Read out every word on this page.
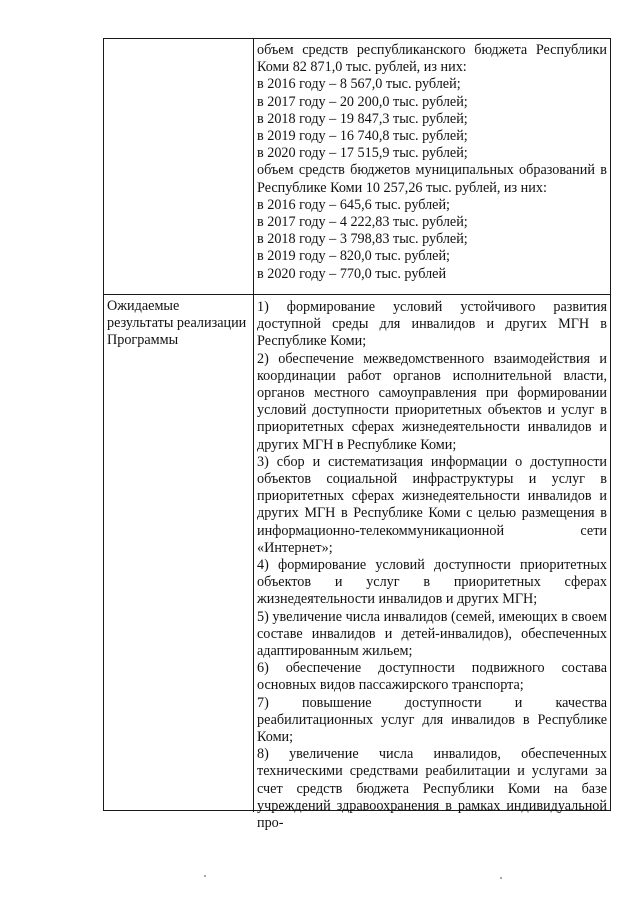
объем средств республиканского бюджета Республики Коми 82 871,0 тыс. рублей, из них:

в 2016 году – 8 567,0 тыс. рублей;
в 2017 году – 20 200,0 тыс. рублей;
в 2018 году – 19 847,3 тыс. рублей;
в 2019 году – 16 740,8 тыс. рублей;
в 2020 году – 17 515,9 тыс. рублей;

объем средств бюджетов муниципальных образований в Республике Коми 10 257,26 тыс. рублей, из них:

в 2016 году – 645,6 тыс. рублей;
в 2017 году – 4 222,83 тыс. рублей;
в 2018 году – 3 798,83 тыс. рублей;
в 2019 году – 820,0 тыс. рублей;
в 2020 году – 770,0 тыс. рублей

Ожидаемые результаты реализации Программы

1) формирование условий устойчивого развития доступной среды для инвалидов и других МГН в Республике Коми;

2) обеспечение межведомственного взаимодействия и координации работ органов исполнительной власти, органов местного самоуправления при формировании условий доступности приоритетных объектов и услуг в приоритетных сферах жизнедеятельности инвалидов и других МГН в Республике Коми;

3) сбор и систематизация информации о доступности объектов социальной инфраструктуры и услуг в приоритетных сферах жизнедеятельности инвалидов и других МГН в Республике Коми с целью размещения в информационно-телекоммуникационной сети «Интернет»;

4) формирование условий доступности приоритетных объектов и услуг в приоритетных сферах жизнедеятельности инвалидов и других МГН;

5) увеличение числа инвалидов (семей, имеющих в своем составе инвалидов и детей-инвалидов), обеспеченных адаптированным жильем;

6) обеспечение доступности подвижного состава основных видов пассажирского транспорта;

7) повышение доступности и качества реабилитационных услуг для инвалидов в Республике Коми;

8) увеличение числа инвалидов, обеспеченных техническими средствами реабилитации и услугами за счет средств бюджета Республики Коми на базе учреждений здравоохранения в рамках индивидуальной про-
